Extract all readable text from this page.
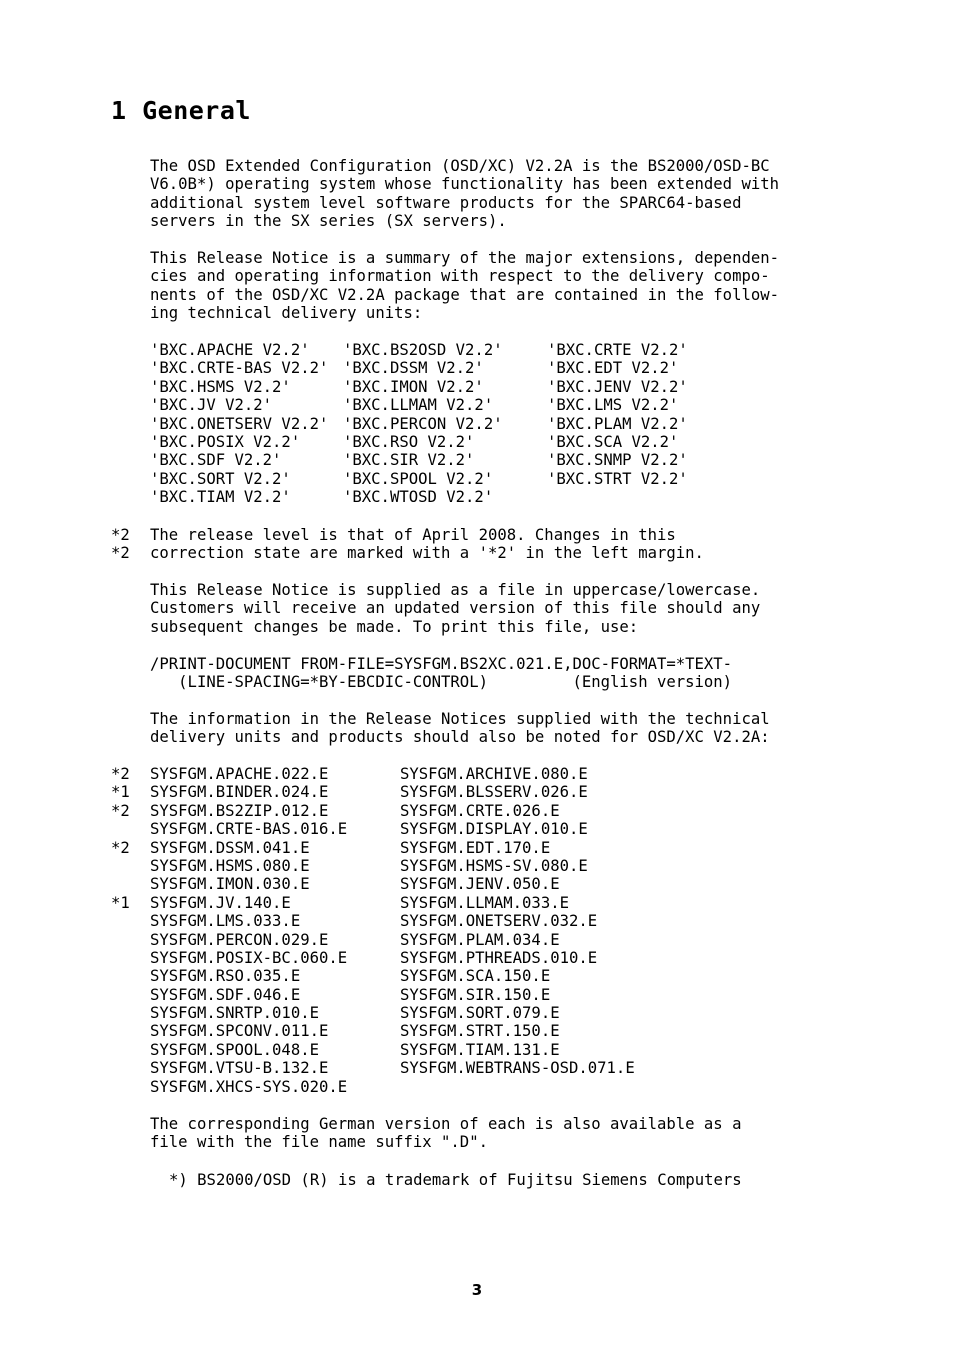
1 General
The OSD Extended Configuration (OSD/XC) V2.2A is the BS2000/OSD-BC
V6.0B*) operating system whose functionality has been extended with
additional system level software products for the SPARC64-based
servers in the SX series (SX servers).
This Release Notice is a summary of the major extensions, dependen-
cies and operating information with respect to the delivery compo-
nents of the OSD/XC V2.2A package that are contained in the follow-
ing technical delivery units:
'BXC.APACHE V2.2' 'BXC.BS2OSD V2.2'	'BXC.CRTE V2.2'
'BXC.CRTE-BAS V2.2' 'BXC.DSSM V2.2'	'BXC.EDT V2.2'
'BXC.HSMS V2.2'	'BXC.IMON V2.2'	'BXC.JENV V2.2'
'BXC.JV V2.2'	'BXC.LLMAM V2.2'	'BXC.LMS V2.2'
'BXC.ONETSERV V2.2' 'BXC.PERCON V2.2'	'BXC.PLAM V2.2'
'BXC.POSIX V2.2'	'BXC.RSO V2.2'	'BXC.SCA V2.2'
'BXC.SDF V2.2'	'BXC.SIR V2.2'	'BXC.SNMP V2.2'
'BXC.SORT V2.2'	'BXC.SPOOL V2.2'	'BXC.STRT V2.2'
'BXC.TIAM V2.2'	'BXC.WTOSD V2.2'
*2 The release level is that of April 2008. Changes in this
*2 correction state are marked with a '*2' in the left margin.
This Release Notice is supplied as a file in uppercase/lowercase.
Customers will receive an updated version of this file should any
subsequent changes be made. To print this file, use:
/PRINT-DOCUMENT FROM-FILE=SYSFGM.BS2XC.021.E,DOC-FORMAT=*TEXT-
(LINE-SPACING=*BY-EBCDIC-CONTROL)         (English version)
The information in the Release Notices supplied with the technical
delivery units and products should also be noted for OSD/XC V2.2A:
*2 SYSFGM.APACHE.022.E	SYSFGM.ARCHIVE.080.E
*1 SYSFGM.BINDER.024.E	SYSFGM.BLSSERV.026.E
*2 SYSFGM.BS2ZIP.012.E	SYSFGM.CRTE.026.E
SYSFGM.CRTE-BAS.016.E	SYSFGM.DISPLAY.010.E
*2 SYSFGM.DSSM.041.E	SYSFGM.EDT.170.E
SYSFGM.HSMS.080.E	SYSFGM.HSMS-SV.080.E
SYSFGM.IMON.030.E	SYSFGM.JENV.050.E
*1 SYSFGM.JV.140.E	SYSFGM.LLMAM.033.E
SYSFGM.LMS.033.E	SYSFGM.ONETSERV.032.E
SYSFGM.PERCON.029.E	SYSFGM.PLAM.034.E
SYSFGM.POSIX-BC.060.E	SYSFGM.PTHREADS.010.E
SYSFGM.RSO.035.E	SYSFGM.SCA.150.E
SYSFGM.SDF.046.E	SYSFGM.SIR.150.E
SYSFGM.SNRTP.010.E	SYSFGM.SORT.079.E
SYSFGM.SPCONV.011.E	SYSFGM.STRT.150.E
SYSFGM.SPOOL.048.E	SYSFGM.TIAM.131.E
SYSFGM.VTSU-B.132.E	SYSFGM.WEBTRANS-OSD.071.E
SYSFGM.XHCS-SYS.020.E
The corresponding German version of each is also available as a
file with the file name suffix ".D".
*) BS2000/OSD (R) is a trademark of Fujitsu Siemens Computers
3
